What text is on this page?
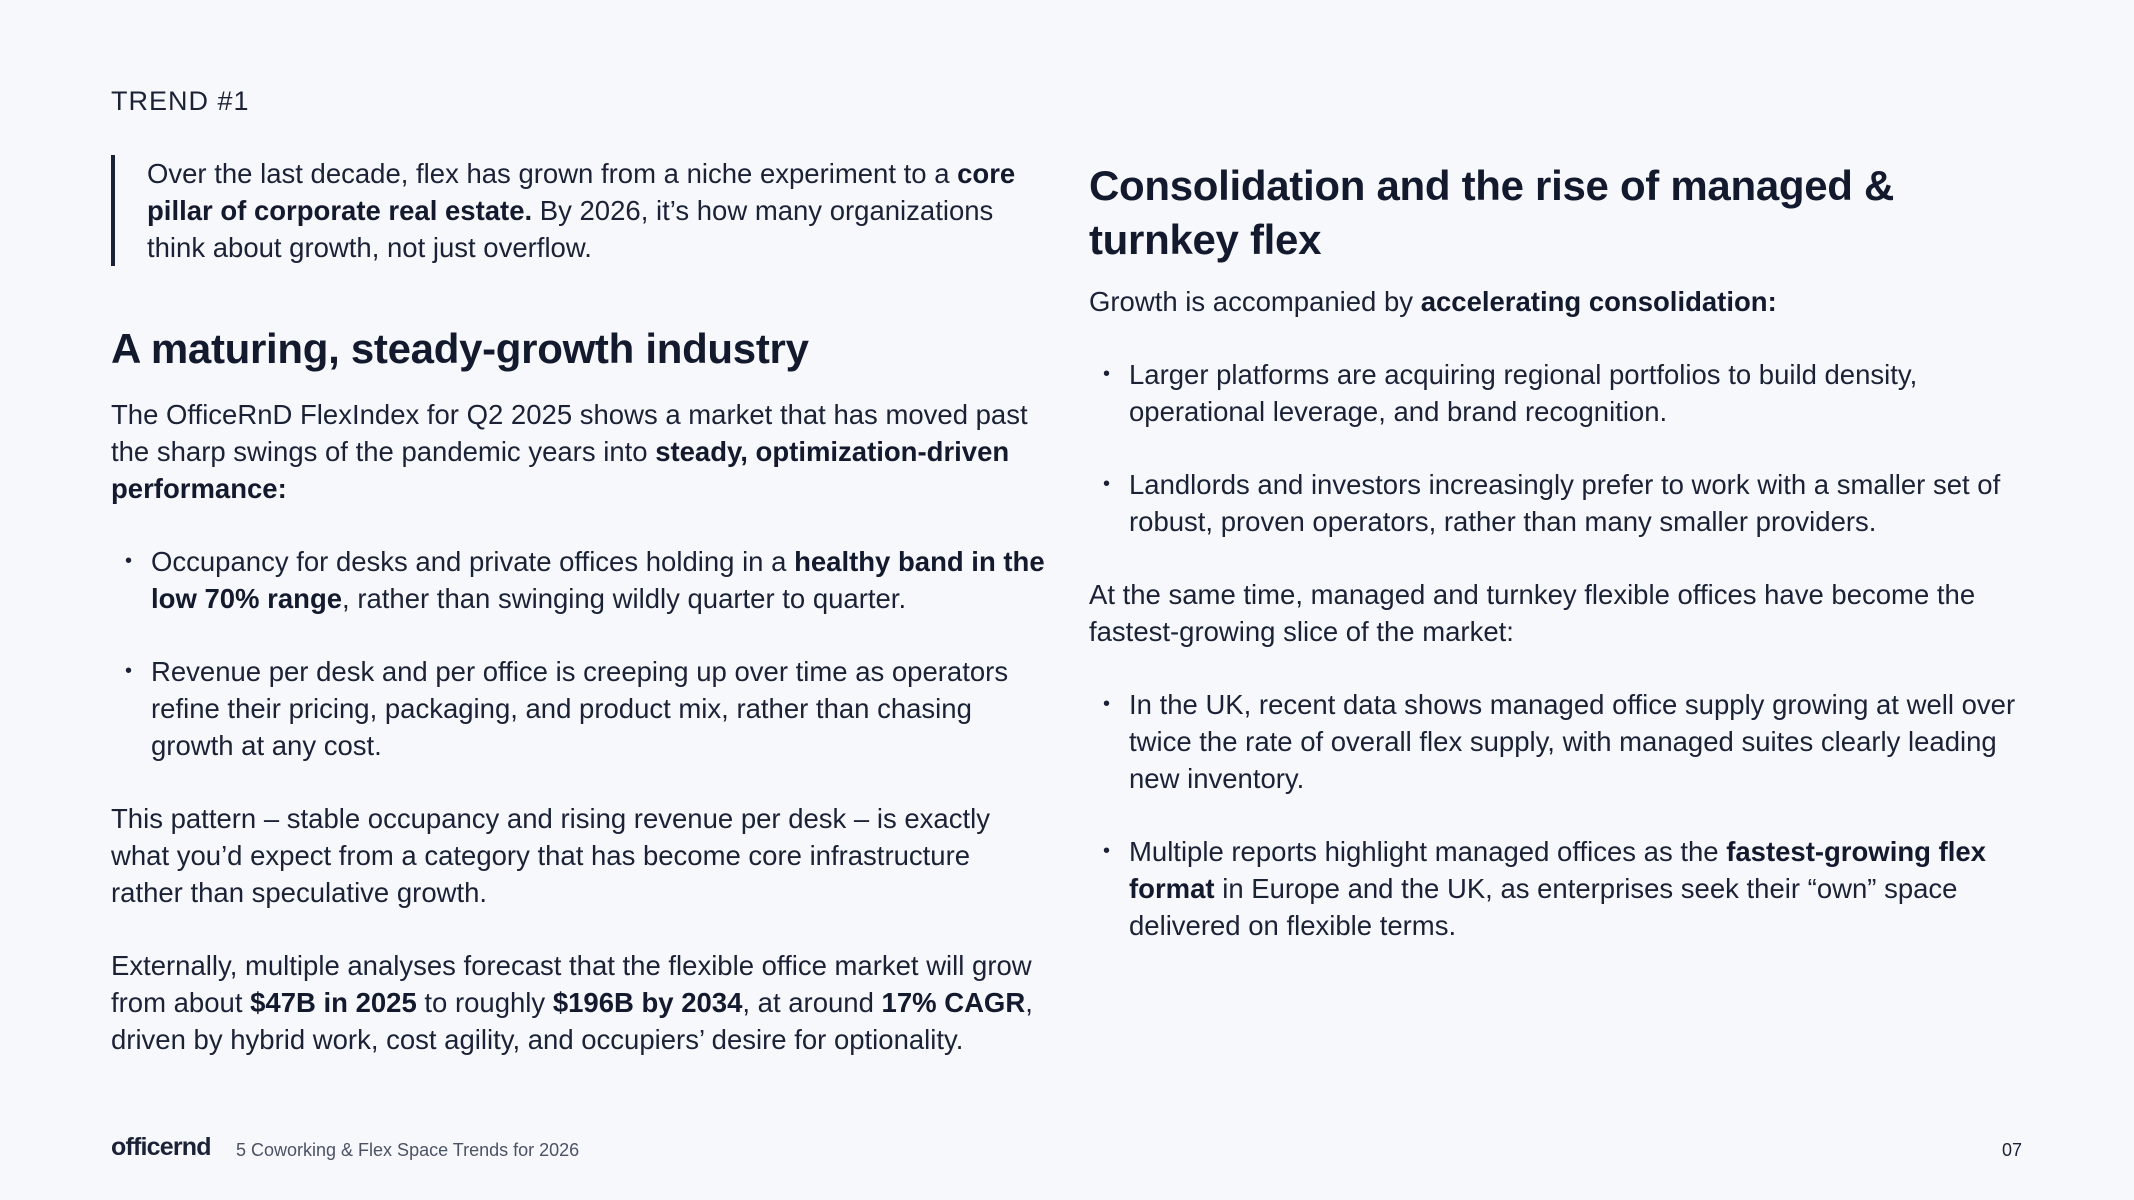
TREND #1

Over the last decade, flex has grown from a niche experiment to a core pillar of corporate real estate. By 2026, it’s how many organizations think about growth, not just overflow.

A maturing, steady-growth industry

The OfficeRnD FlexIndex for Q2 2025 shows a market that has moved past the sharp swings of the pandemic years into steady, optimization-driven performance:

• Occupancy for desks and private offices holding in a healthy band in the low 70% range, rather than swinging wildly quarter to quarter.
• Revenue per desk and per office is creeping up over time as operators refine their pricing, packaging, and product mix, rather than chasing growth at any cost.

This pattern – stable occupancy and rising revenue per desk – is exactly what you’d expect from a category that has become core infrastructure rather than speculative growth.

Externally, multiple analyses forecast that the flexible office market will grow from about $47B in 2025 to roughly $196B by 2034, at around 17% CAGR, driven by hybrid work, cost agility, and occupiers’ desire for optionality.

Consolidation and the rise of managed & turnkey flex

Growth is accompanied by accelerating consolidation:

• Larger platforms are acquiring regional portfolios to build density, operational leverage, and brand recognition.
• Landlords and investors increasingly prefer to work with a smaller set of robust, proven operators, rather than many smaller providers.

At the same time, managed and turnkey flexible offices have become the fastest-growing slice of the market:

• In the UK, recent data shows managed office supply growing at well over twice the rate of overall flex supply, with managed suites clearly leading new inventory.
• Multiple reports highlight managed offices as the fastest-growing flex format in Europe and the UK, as enterprises seek their “own” space delivered on flexible terms.
officernd 5 Coworking & Flex Space Trends for 2026	07
